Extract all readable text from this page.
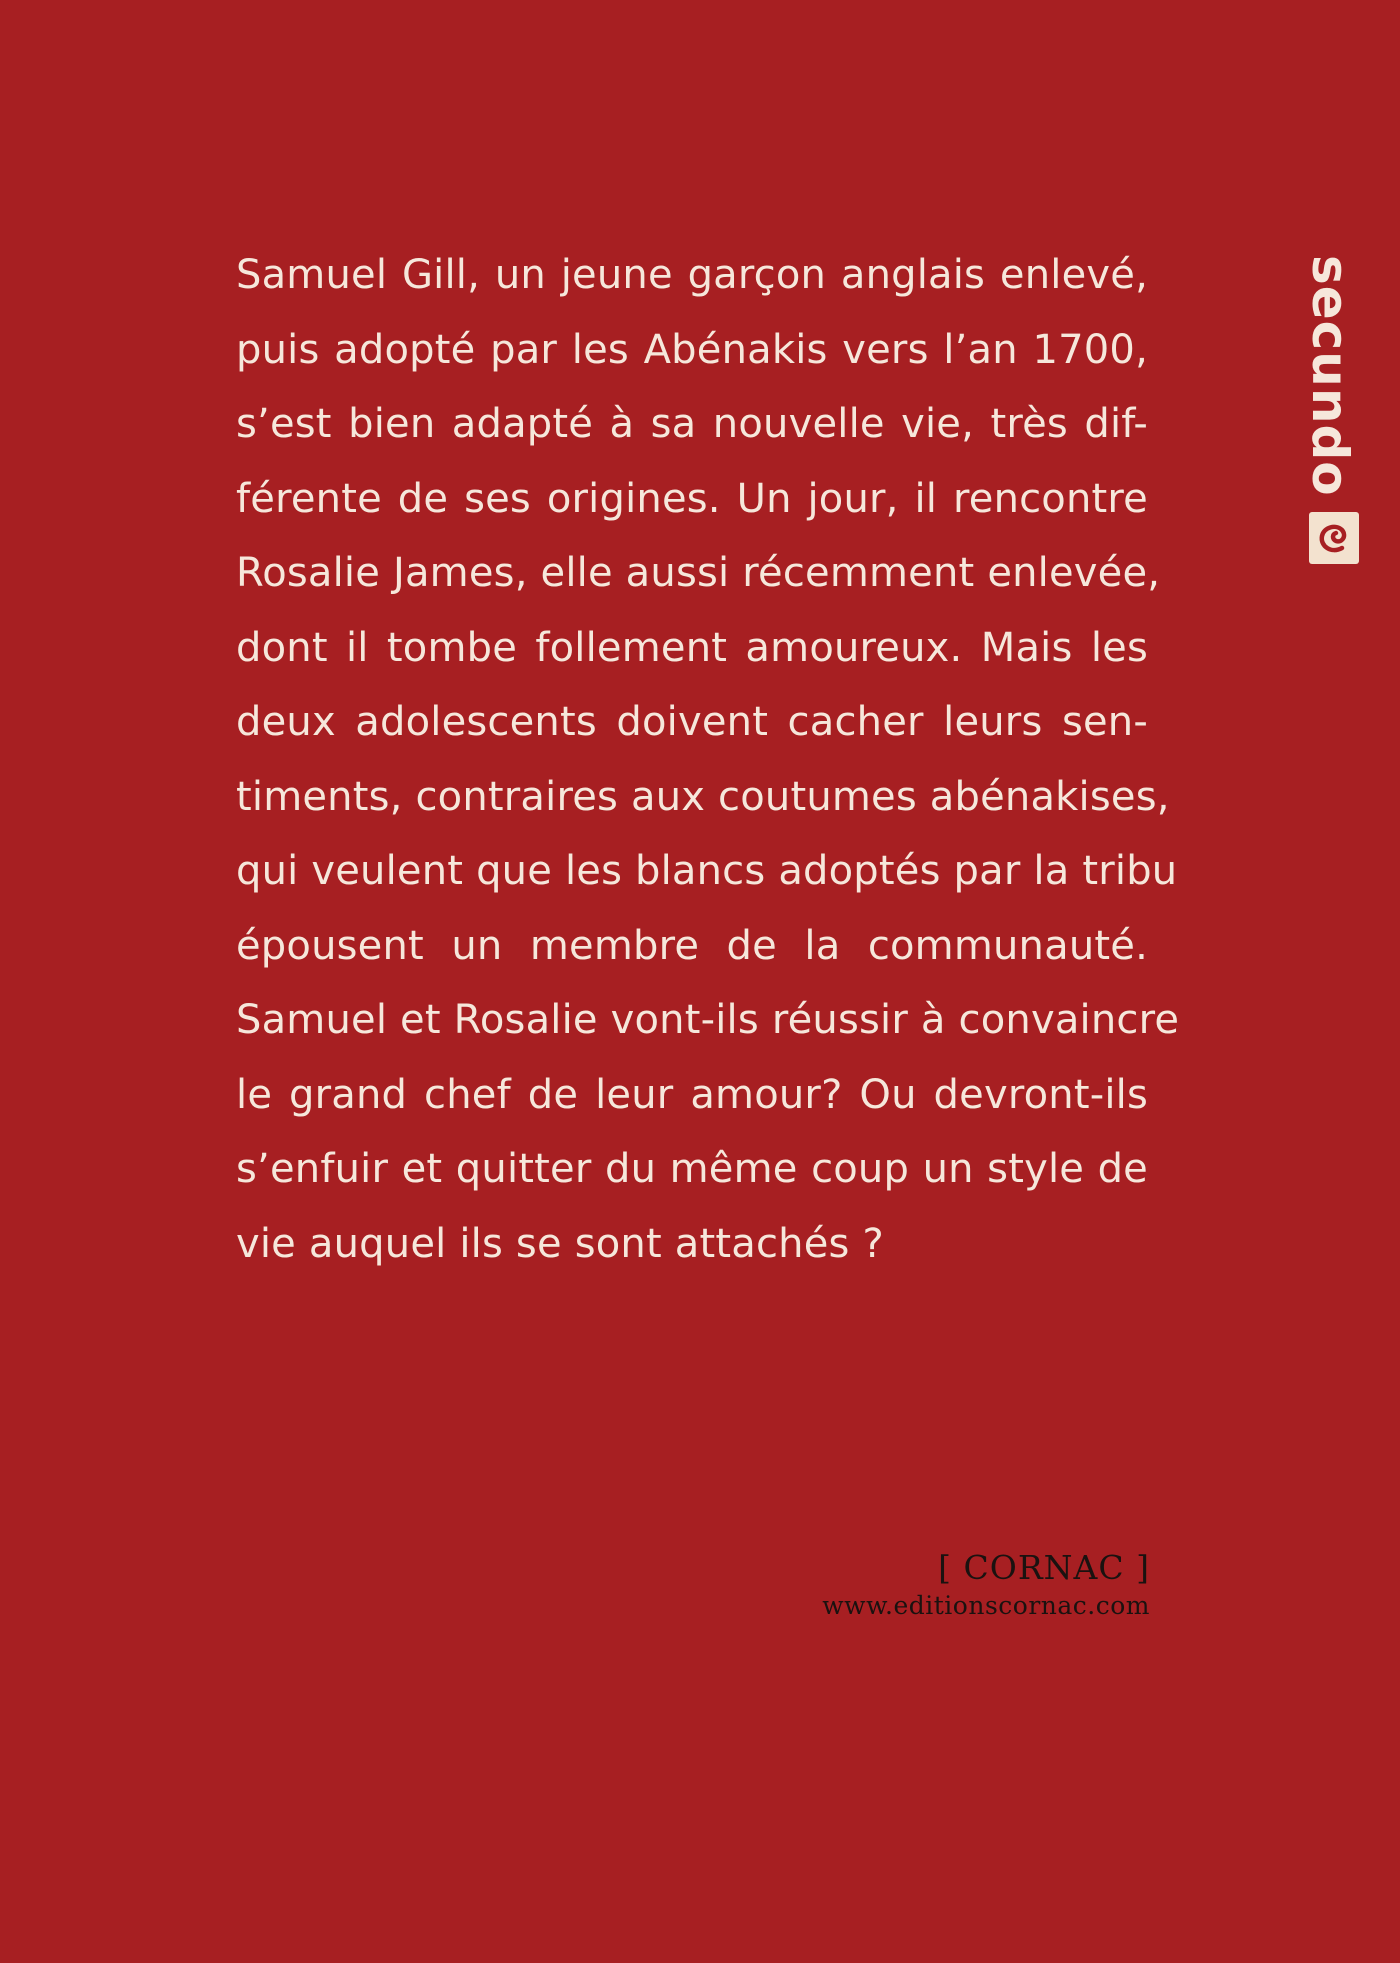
Samuel Gill, un jeune garçon anglais enlevé,
puis adopté par les Abénakis vers l’an 1700,
s’est bien adapté à sa nouvelle vie, très dif-
férente de ses origines. Un jour, il rencontre
Rosalie James, elle aussi récemment enlevée,
dont il tombe follement amoureux. Mais les
deux adolescents doivent cacher leurs sen-
timents, contraires aux coutumes abénakises,
qui veulent que les blancs adoptés par la tribu
épousent un membre de la communauté.
Samuel et Rosalie vont-ils réussir à convaincre
le grand chef de leur amour? Ou devront-ils
s’enfuir et quitter du même coup un style de
vie auquel ils se sont attachés ?
[ CORNAC ]
www.editionscornac.com
secundo
